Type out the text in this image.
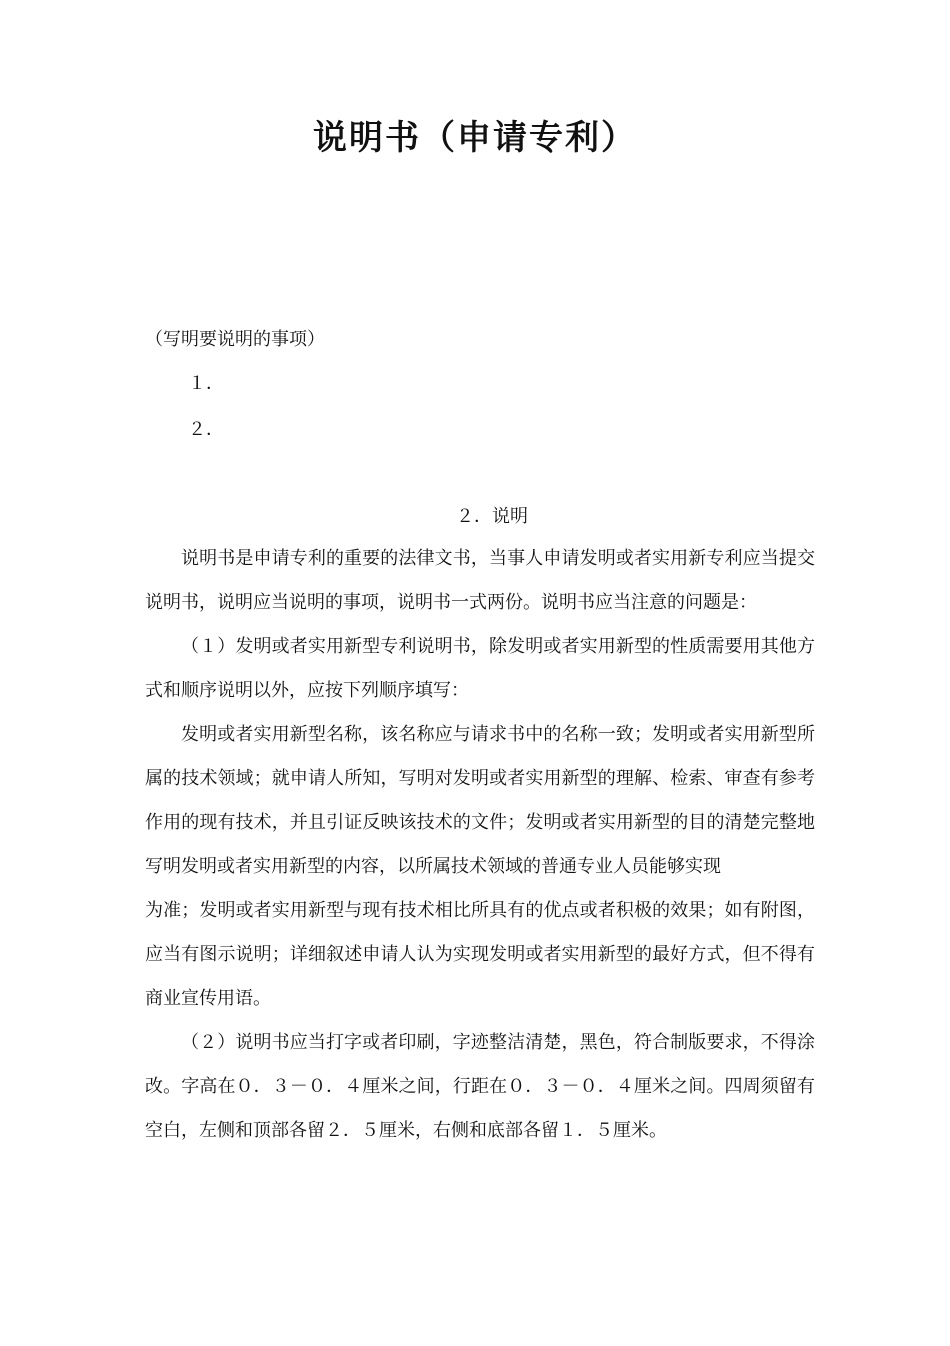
说明书（申请专利）

（写明要说明的事项）

１．

２．

２．说明

说明书是申请专利的重要的法律文书，当事人申请发明或者实用新专利应当提交说明书，说明应当说明的事项，说明书一式两份。说明书应当注意的问题是：

（１）发明或者实用新型专利说明书，除发明或者实用新型的性质需要用其他方式和顺序说明以外，应按下列顺序填写：

发明或者实用新型名称，该名称应与请求书中的名称一致；发明或者实用新型所属的技术领域；就申请人所知，写明对发明或者实用新型的理解、检索、审查有参考作用的现有技术，并且引证反映该技术的文件；发明或者实用新型的目的清楚完整地写明发明或者实用新型的内容，以所属技术领域的普通专业人员能够实现

为准；发明或者实用新型与现有技术相比所具有的优点或者积极的效果；如有附图，应当有图示说明；详细叙述申请人认为实现发明或者实用新型的最好方式，但不得有商业宣传用语。

（２）说明书应当打字或者印刷，字迹整洁清楚，黑色，符合制版要求，不得涂改。字高在０．３－０．４厘米之间，行距在０．３－０．４厘米之间。四周须留有空白，左侧和顶部各留２．５厘米，右侧和底部各留１．５厘米。
